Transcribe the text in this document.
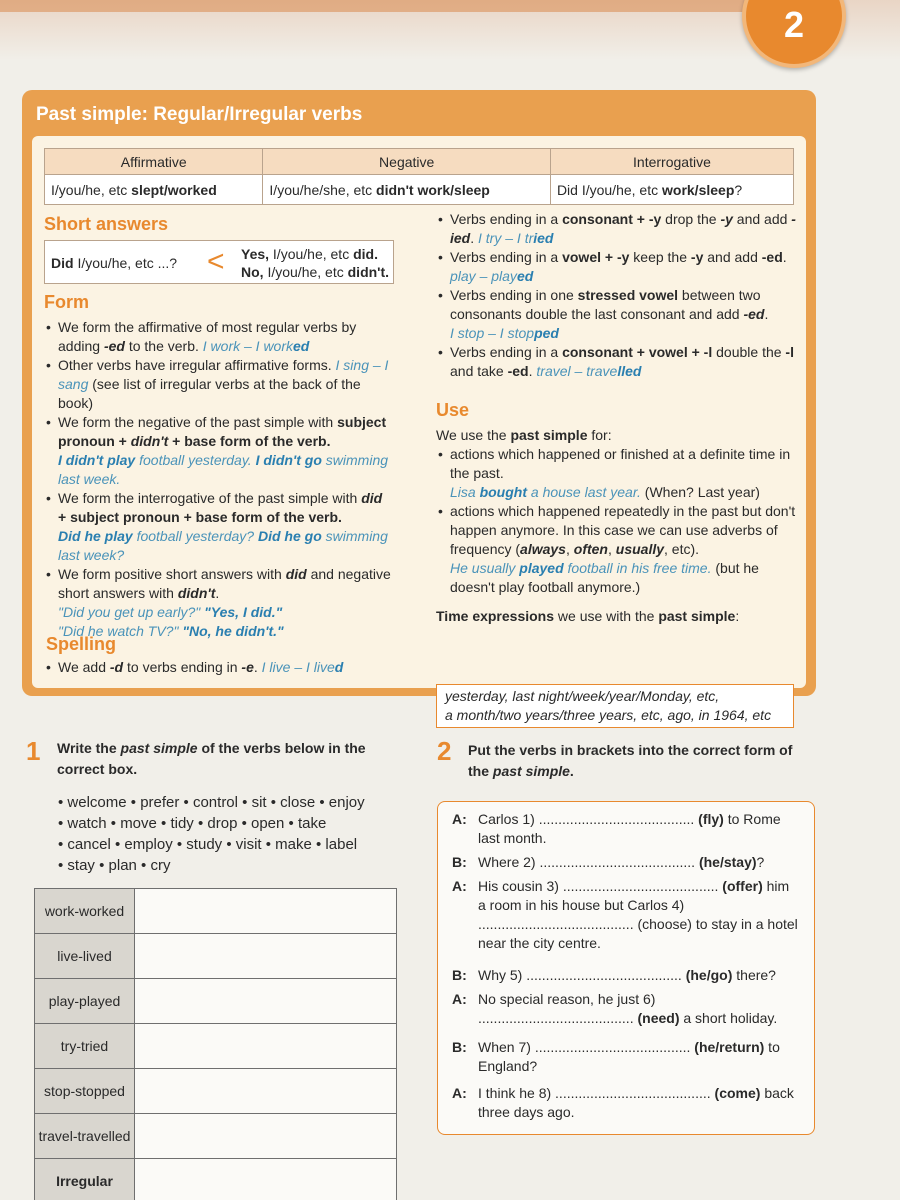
2
Past simple: Regular/Irregular verbs
Affirmative	Negative	Interrogative
I/you/he, etc slept/worked	I/you/he/she, etc didn't work/sleep	Did I/you/he, etc work/sleep?
Short answers
Did I/you/he, etc ...? < Yes, I/you/he, etc did.
No, I/you/he, etc didn't.
Form
• We form the affirmative of most regular verbs by adding -ed to the verb. I work – I worked
• Other verbs have irregular affirmative forms. I sing – I sang (see list of irregular verbs at the back of the book)
• We form the negative of the past simple with subject pronoun + didn't + base form of the verb.
I didn't play football yesterday. I didn't go swimming last week.
• We form the interrogative of the past simple with did + subject pronoun + base form of the verb.
Did he play football yesterday? Did he go swimming last week?
• We form positive short answers with did and negative short answers with didn't.
"Did you get up early?" "Yes, I did."
"Did he watch TV?" "No, he didn't."
Spelling
• We add -d to verbs ending in -e. I live – I lived
• Verbs ending in a consonant + -y drop the -y and add -ied. I try – I tried
• Verbs ending in a vowel + -y keep the -y and add -ed.
play – played
• Verbs ending in one stressed vowel between two consonants double the last consonant and add -ed.
I stop – I stopped
• Verbs ending in a consonant + vowel + -l double the -l and take -ed. travel – travelled
Use
We use the past simple for:
• actions which happened or finished at a definite time in the past.
Lisa bought a house last year. (When? Last year)
• actions which happened repeatedly in the past but don't happen anymore. In this case we can use adverbs of frequency (always, often, usually, etc).
He usually played football in his free time. (but he doesn't play football anymore.)
Time expressions we use with the past simple:
yesterday, last night/week/year/Monday, etc,
a month/two years/three years, etc, ago, in 1964, etc
1 Write the past simple of the verbs below in the correct box.
• welcome • prefer • control • sit • close • enjoy
• watch • move • tidy • drop • open • take
• cancel • employ • study • visit • make • label
• stay • plan • cry
work-worked	
live-lived	
play-played	
try-tried	
stop-stopped	
travel-travelled	
Irregular	
2 Put the verbs in brackets into the correct form of the past simple.
A: Carlos 1) ........................................ (fly) to Rome last month.
B: Where 2) ........................................ (he/stay)?
A: His cousin 3) ........................................ (offer) him a room in his house but Carlos 4) ........................................ (choose) to stay in a hotel near the city centre.
B: Why 5) ........................................ (he/go) there?
A: No special reason, he just 6) ........................................ (need) a short holiday.
B: When 7) ........................................ (he/return) to England?
A: I think he 8) ........................................ (come) back three days ago.
